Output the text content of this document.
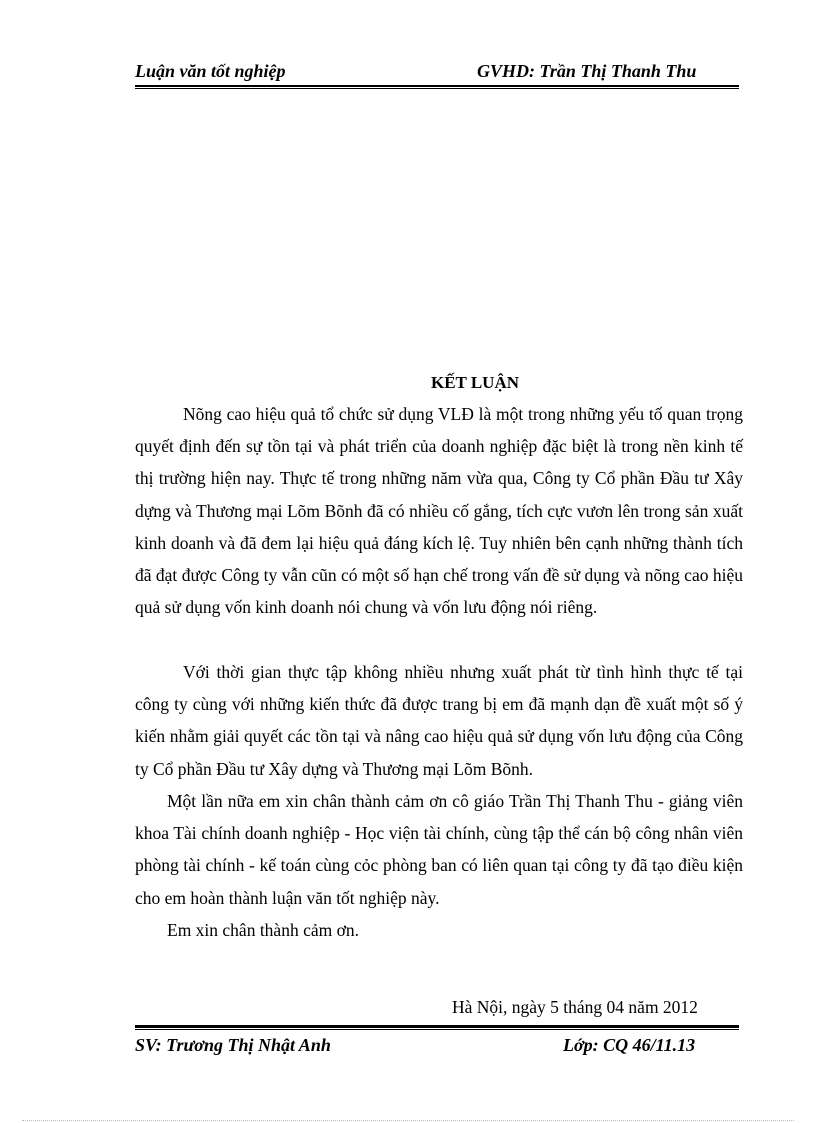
Luận văn tốt nghiệp	GVHD: Trần Thị Thanh Thu
KẾT LUẬN

Nõng cao hiệu quả tổ chức sử dụng VLĐ là một trong những yếu tố quan trọng quyết định đến sự tồn tại và phát triển của doanh nghiệp đặc biệt là trong nền kinh tế thị trường hiện nay. Thực tế trong những năm vừa qua, Công ty Cổ phần Đầu tư Xây dựng và Thương mại Lõm Bõnh đã có nhiều cố gắng, tích cực vươn lên trong sản xuất kinh doanh và đã đem lại hiệu quả đáng kích lệ. Tuy nhiên bên cạnh những thành tích đã đạt được Công ty vẫn cũn có một số hạn chế trong vấn đề sử dụng và nõng cao hiệu quả sử dụng vốn kinh doanh nói chung và vốn lưu động nói riêng.

Với thời gian thực tập không nhiều nhưng xuất phát từ tình hình thực tế tại công ty cùng với những kiến thức đã được trang bị em đã mạnh dạn đề xuất một số ý kiến nhằm giải quyết các tồn tại và nâng cao hiệu quả sử dụng vốn lưu động của Công ty Cổ phần Đầu tư Xây dựng và Thương mại Lõm Bõnh.

Một lần nữa em xin chân thành cảm ơn cô giáo Trần Thị Thanh Thu - giảng viên khoa Tài chính doanh nghiệp - Học viện tài chính, cùng tập thể cán bộ công nhân viên phòng tài chính - kế toán cùng cỏc phòng ban có liên quan tại công ty đã tạo điều kiện cho em hoàn thành luận văn tốt nghiệp này.

Em xin chân thành cảm ơn.

Hà Nội, ngày 5 tháng 04 năm 2012
SV: Trương Thị Nhật Anh	Lớp: CQ 46/11.13
